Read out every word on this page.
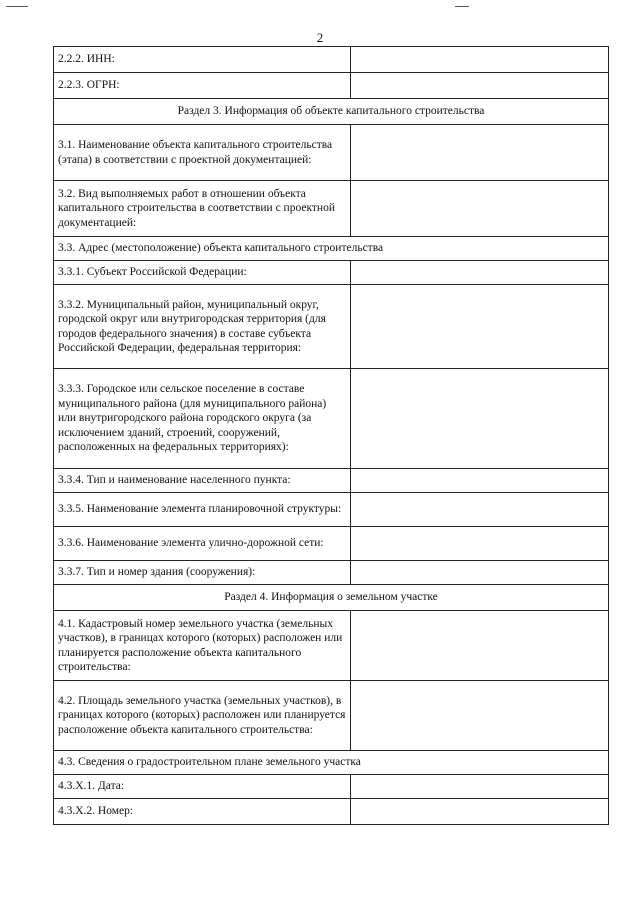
2
2.2.2. ИНН:	
2.2.3. ОГРН:	
Раздел 3. Информация об объекте капитального строительства	
3.1. Наименование объекта капитального строительства (этапа) в соответствии с проектной документацией:	
3.2. Вид выполняемых работ в отношении объекта капитального строительства в соответствии с проектной документацией:	
3.3. Адрес (местоположение) объекта капитального строительства	
3.3.1. Субъект Российской Федерации:	
3.3.2. Муниципальный район, муниципальный округ, городской округ или внутригородская территория (для городов федерального значения) в составе субъекта Российской Федерации, федеральная территория:	
3.3.3. Городское или сельское поселение в составе муниципального района (для муниципального района) или внутригородского района городского округа (за исключением зданий, строений, сооружений, расположенных на федеральных территориях):	
3.3.4. Тип и наименование населенного пункта:	
3.3.5. Наименование элемента планировочной структуры:	
3.3.6. Наименование элемента улично-дорожной сети:	
3.3.7. Тип и номер здания (сооружения):	
Раздел 4. Информация о земельном участке	
4.1. Кадастровый номер земельного участка (земельных участков), в границах которого (которых) расположен или планируется расположение объекта капитального строительства:	
4.2. Площадь земельного участка (земельных участков), в границах которого (которых) расположен или планируется расположение объекта капитального строительства:	
4.3. Сведения о градостроительном плане земельного участка	
4.3.Х.1. Дата:	
4.3.Х.2. Номер:	
